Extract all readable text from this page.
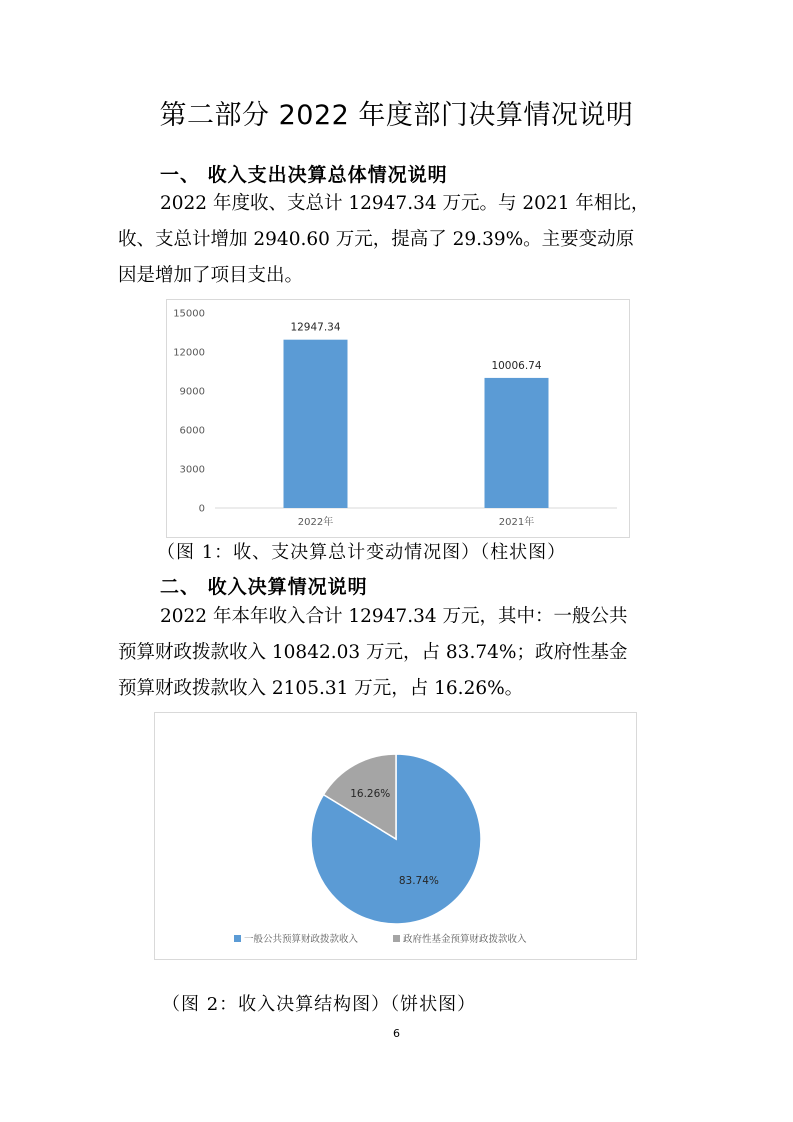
第二部分 2022 年度部门决算情况说明
一、 收入支出决算总体情况说明

2022 年度收、支总计 12947.34 万元。与 2021 年相比，
收、支总计增加 2940.60 万元，提高了 29.39%。主要变动原
因是增加了项目支出。

0
3000
6000
9000
12000
15000
12947.34
2022年
10006.74
2021年
（图 1：收、支决算总计变动情况图）（柱状图）
二、 收入决算情况说明

2022 年本年收入合计 12947.34 万元，其中：一般公共
预算财政拨款收入 10842.03 万元，占 83.74%；政府性基金
预算财政拨款收入 2105.31 万元，占 16.26%。

83.74%
16.26%
一般公共预算财政拨款收入	政府性基金预算财政拨款收入
（图 2：收入决算结构图）（饼状图）
6
